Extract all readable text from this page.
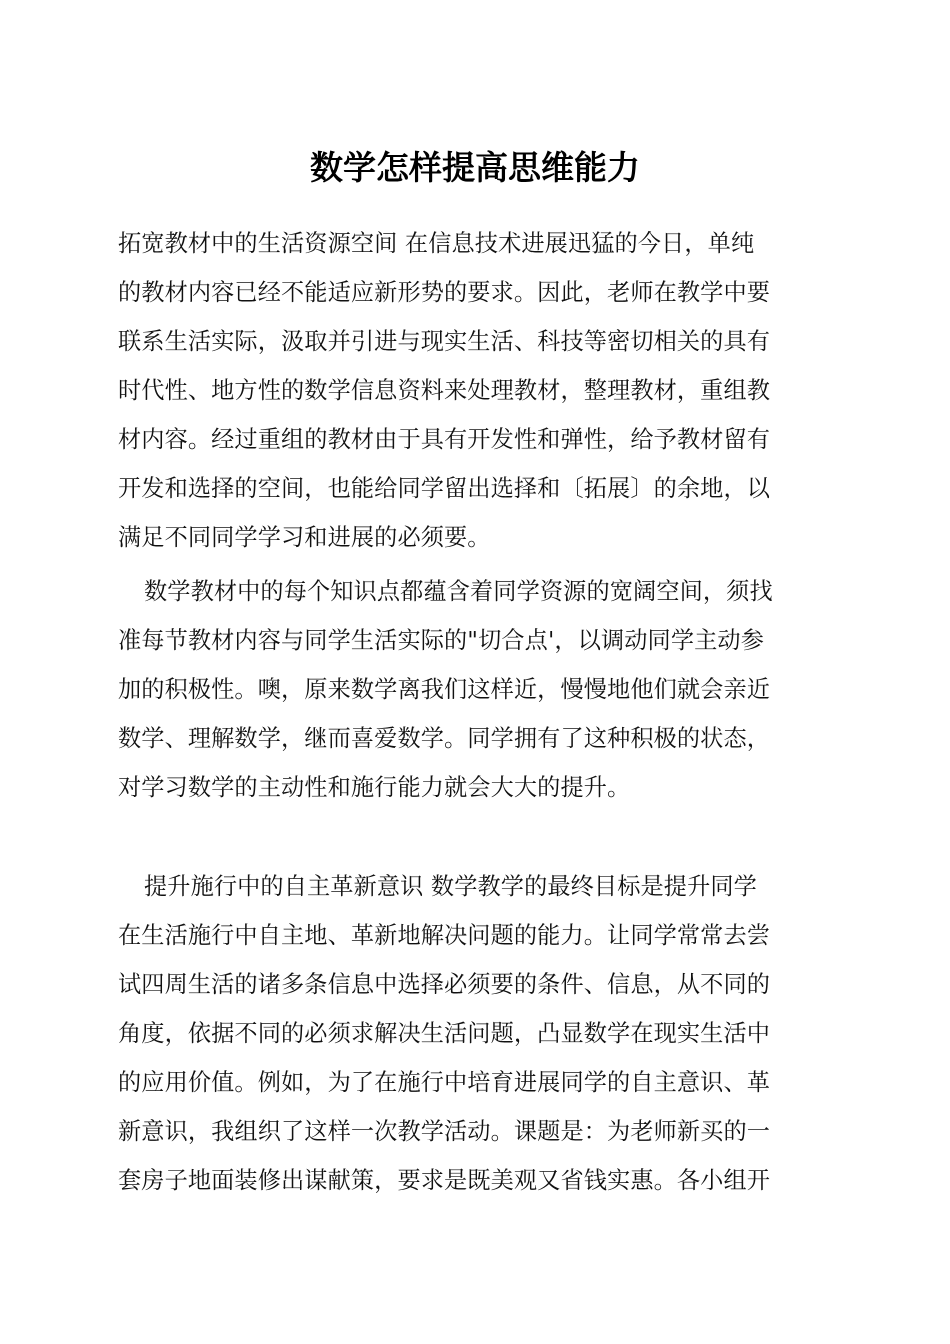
数学怎样提高思维能力

拓宽教材中的生活资源空间 在信息技术进展迅猛的今日，单纯
的教材内容已经不能适应新形势的要求。因此，老师在教学中要
联系生活实际，汲取并引进与现实生活、科技等密切相关的具有
时代性、地方性的数学信息资料来处理教材，整理教材，重组教
材内容。经过重组的教材由于具有开发性和弹性，给予教材留有
开发和选择的空间，也能给同学留出选择和〔拓展〕的余地，以
满足不同同学学习和进展的必须要。

数学教材中的每个知识点都蕴含着同学资源的宽阔空间，须找
准每节教材内容与同学生活实际的"切合点'，以调动同学主动参
加的积极性。噢，原来数学离我们这样近，慢慢地他们就会亲近
数学、理解数学，继而喜爱数学。同学拥有了这种积极的状态，
对学习数学的主动性和施行能力就会大大的提升。

提升施行中的自主革新意识 数学教学的最终目标是提升同学
在生活施行中自主地、革新地解决问题的能力。让同学常常去尝
试四周生活的诸多条信息中选择必须要的条件、信息，从不同的
角度，依据不同的必须求解决生活问题，凸显数学在现实生活中
的应用价值。例如，为了在施行中培育进展同学的自主意识、革
新意识，我组织了这样一次教学活动。课题是：为老师新买的一
套房子地面装修出谋献策，要求是既美观又省钱实惠。各小组开
